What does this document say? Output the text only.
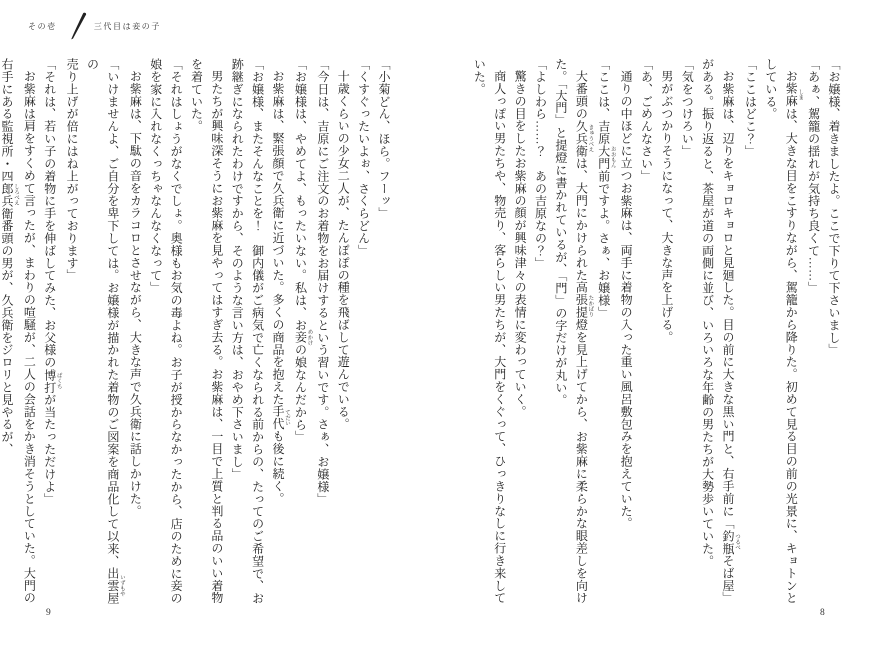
その壱	三代目は妾の子

「お嬢様、着きましたよ。ここで下りて下さいまし」

「あぁ、駕籠の揺れが気持ち良くて……」

お紫麻 しまは、大きな目をこすりながら、駕籠から降りた。初めて見る目の前の光景に、キョトンと

している。

「ここはどこ？」

お紫麻は、辺りをキョロキョロと見廻した。目の前に大きな黒い門と、右手前に「釣瓶 つるべそば屋」

がある。振り返ると、茶屋が道の両側に並び、いろいろな年齢の男たちが大勢歩いていた。

「気をつけろい」

男がぶつかりそうになって、大きな声を上げる。

「あ、ごめんなさい」

通りの中ほどに立つお紫麻は、両手に着物の入った重い風呂敷包みを抱えていた。

「ここは、吉原大門 おおもん前ですよ。さぁ、お嬢様」

大番頭の久兵衛 きゅうべえは、大門にかけられた高張提燈 たかばりを見上げてから、お紫麻に柔らかな眼差しを向け

た。「大門」と提燈に書かれているが、「門」の字だけが丸い。

「よしわら……？　あの吉原なの？」

驚きの目をしたお紫麻の顔が興味津々の表情に変わっていく。

商人っぽい男たちや、物売り、客らしい男たちが、大門をくぐって、ひっきりなしに行き来して

いた。

8

「小菊どん、ほら。フーッ」

「くすぐったいよぉ、さくらどん」

十歳くらいの少女二人が、たんぽぽの種を飛ばして遊んでいる。

「今日は、吉原にご注文のお着物をお届けするという習いです。さぁ、お嬢様」

「お嬢様は、やめてよ、もったいない。私は、お妾 めかけの娘なんだから」

お紫麻は、緊張顔で久兵衛に近づいた。多くの商品を抱えた手代 てだいも後に続く。

「お嬢様、またそんなことを！　御内儀がご病気で亡くなられる前からの、たってのご希望で、お

跡継ぎになられたわけですから、そのような言い方は、おやめ下さいまし」

男たちが興味深そうにお紫麻を見やってはすぎ去る。お紫麻は、一目で上質と判る品のいい着物

を着ていた。

「それはしょうがなくでしょ。奥様もお気の毒よね。お子が授からなかったから、店のために妾の

娘を家に入れなくっちゃなんなくなって」

お紫麻は、下駄の音をカラコロとさせながら、大きな声で久兵衛に話しかけた。

「いけませんよ、ご自分を卑下しては。お嬢様が描かれた着物のご図案を商品化して以来、出雲屋 いずもやの

売り上げが倍にはね上がっております」

「それは、若い子の着物に手を伸ばしてみた、お父様の博打 ばくちが当たっただけよ」

お紫麻は肩をすくめて言ったが、まわりの喧騒が、二人の会話をかき消そうとしていた。大門の

右手にある監視所・四郎兵衛 しろべえ番頭の男が、久兵衛をジロリと見やるが、

9
